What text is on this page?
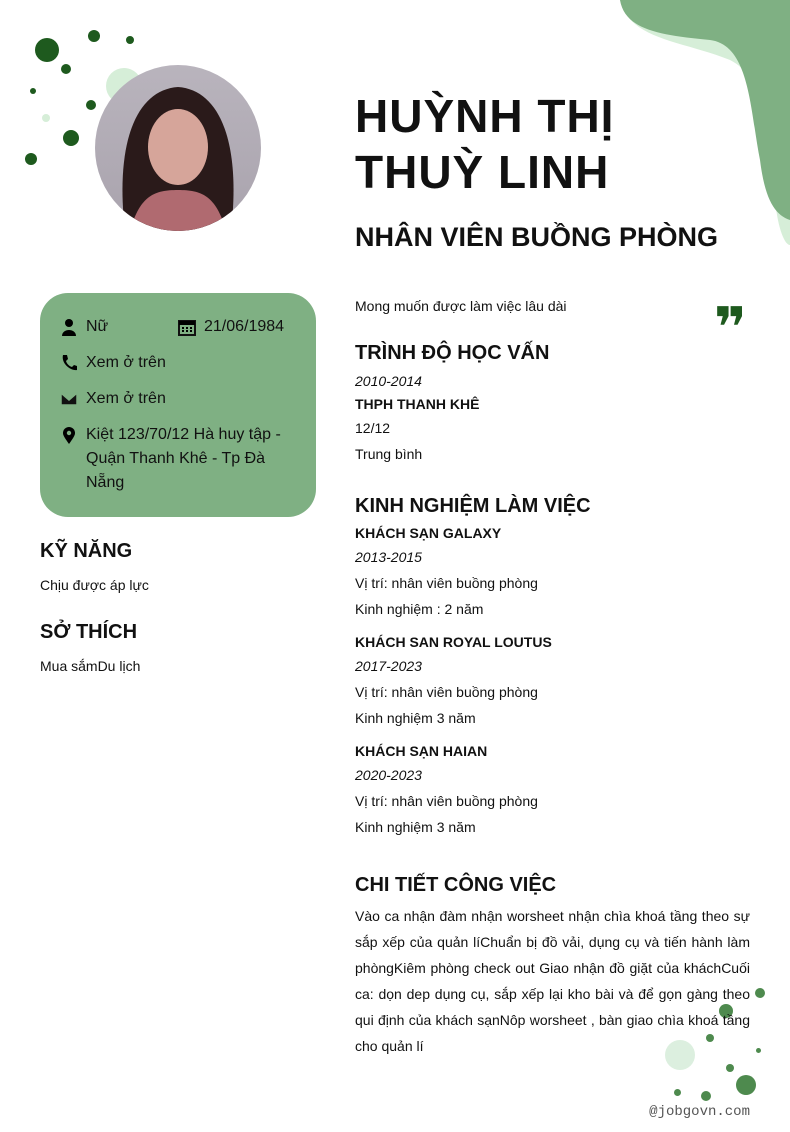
HUỲNH THỊ THUỲ LINH
NHÂN VIÊN BUỒNG PHÒNG
Nữ	21/06/1984
Xem ở trên
Xem ở trên
Kiệt 123/70/12 Hà huy tập - Quận Thanh Khê - Tp Đà Nẵng
KỸ NĂNG
Chịu được áp lực
SỞ THÍCH
Mua sắmDu lịch
Mong muốn được làm việc lâu dài	❞
TRÌNH ĐỘ HỌC VẤN
2010-2014
THPH THANH KHÊ
12/12
Trung bình
KINH NGHIỆM LÀM VIỆC
KHÁCH SẠN GALAXY
2013-2015
Vị trí: nhân viên buồng phòng
Kinh nghiệm : 2 năm
KHÁCH SAN ROYAL LOUTUS
2017-2023
Vị trí: nhân viên buồng phòng
Kinh nghiệm 3 năm
KHÁCH SẠN HAIAN
2020-2023
Vị trí: nhân viên buồng phòng
Kinh nghiệm 3 năm
CHI TIẾT CÔNG VIỆC
Vào ca nhận đàm nhận worsheet nhận chìa khoá tầng theo sự sắp xếp của quản líChuẩn bị đồ vải, dụng cụ và tiến hành làm phòngKiêm phòng check out Giao nhận đồ giặt của kháchCuối ca: dọn dep dụng cụ, sắp xếp lại kho bài và để gọn gàng theo qui định của khách sạnNôp worsheet , bàn giao chìa khoá tầng cho quản lí
@jobgovn.com
